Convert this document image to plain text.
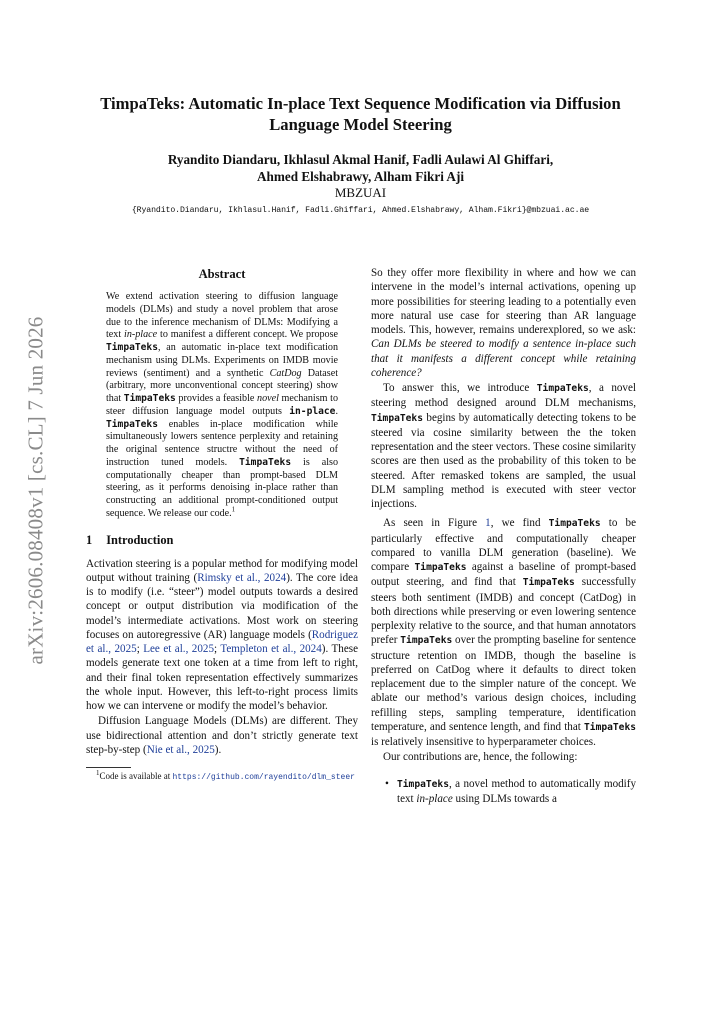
arXiv:2606.08408v1 [cs.CL] 7 Jun 2026
TimpaTeks: Automatic In-place Text Sequence Modification via Diffusion Language Model Steering
Ryandito Diandaru, Ikhlasul Akmal Hanif, Fadli Aulawi Al Ghiffari,
Ahmed Elshabrawy, Alham Fikri Aji
MBZUAI
{Ryandito.Diandaru, Ikhlasul.Hanif, Fadli.Ghiffari, Ahmed.Elshabrawy, Alham.Fikri}@mbzuai.ac.ae
Abstract

We extend activation steering to diffusion language models (DLMs) and study a novel problem that arose due to the inference mechanism of DLMs: Modifying a text in-place to manifest a different concept. We propose TimpaTeks, an automatic in-place text modification mechanism using DLMs. Experiments on IMDB movie reviews (sentiment) and a synthetic CatDog Dataset (arbitrary, more unconventional concept steering) show that TimpaTeks provides a feasible novel mechanism to steer diffusion language model outputs in-place. TimpaTeks enables in-place modification while simultaneously lowers sentence perplexity and retaining the original sentence structre without the need of instruction tuned models. TimpaTeks is also computationally cheaper than prompt-based DLM steering, as it performs denoising in-place rather than constructing an additional prompt-conditioned output sequence. We release our code.$^1$

1 Introduction

Activation steering is a popular method for modifying model output without training (Rimsky et al., 2024). The core idea is to modify (i.e. “steer”) model outputs towards a desired concept or output distribution via modification of the model’s intermediate activations. Most work on steering focuses on autoregressive (AR) language models (Rodriguez et al., 2025; Lee et al., 2025; Templeton et al., 2024). These models generate text one token at a time from left to right, and their final token representation effectively summarizes the whole input. However, this left-to-right process limits how we can intervene or modify the model’s behavior.

Diffusion Language Models (DLMs) are different. They use bidirectional attention and don’t strictly generate text step-by-step (Nie et al., 2025).

$^1$Code is available at https://github.com/rayendito/dlm_steer

So they offer more flexibility in where and how we can intervene in the model’s internal activations, opening up more possibilities for steering leading to a potentially even more natural use case for steering than AR language models. This, however, remains underexplored, so we ask: Can DLMs be steered to modify a sentence in-place such that it manifests a different concept while retaining coherence?

To answer this, we introduce TimpaTeks, a novel steering method designed around DLM mechanisms, TimpaTeks begins by automatically detecting tokens to be steered via cosine similarity between the the token representation and the steer vectors. These cosine similarity scores are then used as the probability of this token to be steered. After remasked tokens are sampled, the usual DLM sampling method is executed with steer vector injections.

As seen in Figure 1, we find TimpaTeks to be particularly effective and computationally cheaper compared to vanilla DLM generation (baseline). We compare TimpaTeks against a baseline of prompt-based output steering, and find that TimpaTeks successfully steers both sentiment (IMDB) and concept (CatDog) in both directions while preserving or even lowering sentence perplexity relative to the source, and that human annotators prefer TimpaTeks over the prompting baseline for sentence structure retention on IMDB, though the baseline is preferred on CatDog where it defaults to direct token replacement due to the simpler nature of the concept. We ablate our method’s various design choices, including refilling steps, sampling temperature, identification temperature, and sentence length, and find that TimpaTeks is relatively insensitive to hyperparameter choices.

Our contributions are, hence, the following:

• TimpaTeks, a novel method to automatically modify text in-place using DLMs towards a
